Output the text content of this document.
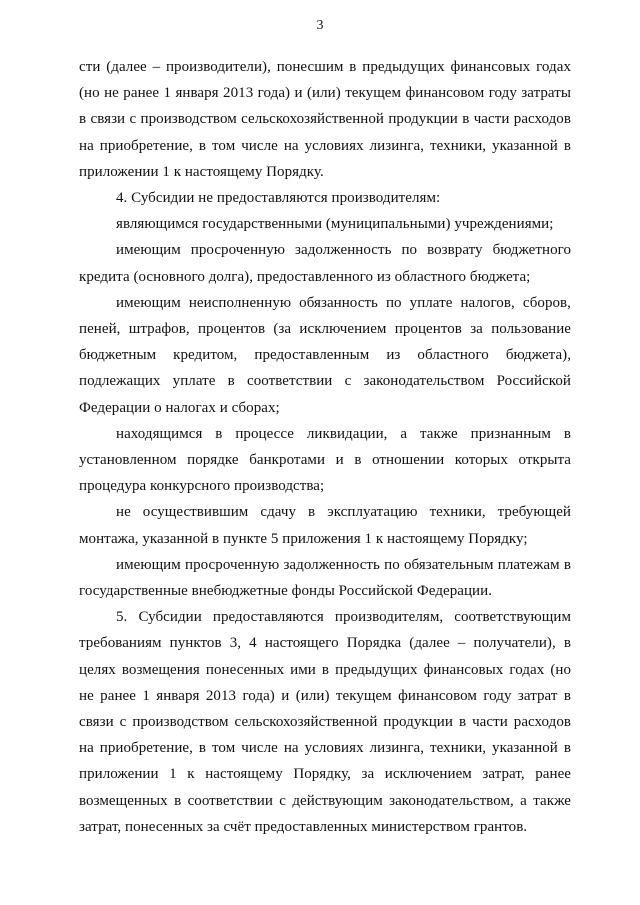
3

сти (далее – производители), понесшим в предыдущих финансовых годах (но не ранее 1 января 2013 года) и (или) текущем финансовом году затраты в связи с производством сельскохозяйственной продукции в части расходов на приобретение, в том числе на условиях лизинга, техники, указанной в приложении 1 к настоящему Порядку.

4. Субсидии не предоставляются производителям:

являющимся государственными (муниципальными) учреждениями;

имеющим просроченную задолженность по возврату бюджетного кредита (основного долга), предоставленного из областного бюджета;

имеющим неисполненную обязанность по уплате налогов, сборов, пеней, штрафов, процентов (за исключением процентов за пользование бюджетным кредитом, предоставленным из областного бюджета), подлежащих уплате в соответствии с законодательством Российской Федерации о налогах и сборах;

находящимся в процессе ликвидации, а также признанным в установленном порядке банкротами и в отношении которых открыта процедура конкурсного производства;

не осуществившим сдачу в эксплуатацию техники, требующей монтажа, указанной в пункте 5 приложения 1 к настоящему Порядку;

имеющим просроченную задолженность по обязательным платежам в государственные внебюджетные фонды Российской Федерации.

5. Субсидии предоставляются производителям, соответствующим требованиям пунктов 3, 4 настоящего Порядка (далее – получатели), в целях возмещения понесенных ими в предыдущих финансовых годах (но не ранее 1 января 2013 года) и (или) текущем финансовом году затрат в связи с производством сельскохозяйственной продукции в части расходов на приобретение, в том числе на условиях лизинга, техники, указанной в приложении 1 к настоящему Порядку, за исключением затрат, ранее возмещенных в соответствии с действующим законодательством, а также затрат, понесенных за счёт предоставленных министерством грантов.
